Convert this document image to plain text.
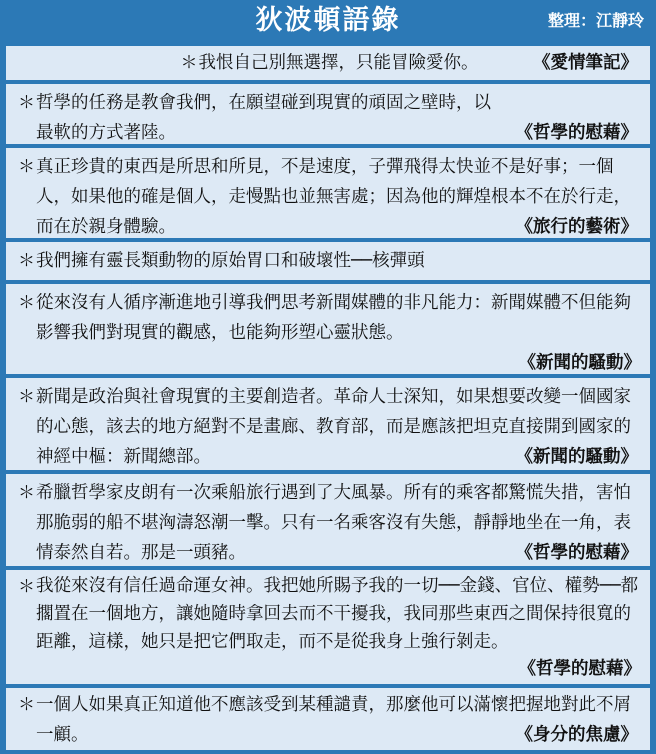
狄波頓語錄	整理：江靜玲
＊ 我恨自己別無選擇，只能冒險愛你。	《愛情筆記》
＊ 哲學的任務是教會我們，在願望碰到現實的頑固之壁時，以最軟的方式著陸。	《哲學的慰藉》
＊ 真正珍貴的東西是所思和所見，不是速度，子彈飛得太快並不是好事；一個人，如果他的確是個人，走慢點也並無害處；因為他的輝煌根本不在於行走，而在於親身體驗。	《旅行的藝術》
＊ 我們擁有靈長類動物的原始胃口和破壞性──核彈頭
＊ 從來沒有人循序漸進地引導我們思考新聞媒體的非凡能力：新聞媒體不但能夠影響我們對現實的觀感，也能夠形塑心靈狀態。
《新聞的騷動》
＊ 新聞是政治與社會現實的主要創造者。革命人士深知，如果想要改變一個國家的心態，該去的地方絕對不是畫廊、教育部，而是應該把坦克直接開到國家的神經中樞：新聞總部。	《新聞的騷動》
＊ 希臘哲學家皮朗有一次乘船旅行遇到了大風暴。所有的乘客都驚慌失措，害怕那脆弱的船不堪洶濤怒潮一擊。只有一名乘客沒有失態，靜靜地坐在一角，表情泰然自若。那是一頭豬。	《哲學的慰藉》
＊ 我從來沒有信任過命運女神。我把她所賜予我的一切──金錢、官位、權勢──都擱置在一個地方，讓她隨時拿回去而不干擾我，我同那些東西之間保持很寬的距離，這樣，她只是把它們取走，而不是從我身上強行剝走。
《哲學的慰藉》
＊ 一個人如果真正知道他不應該受到某種譴責，那麼他可以滿懷把握地對此不屑一顧。	《身分的焦慮》
